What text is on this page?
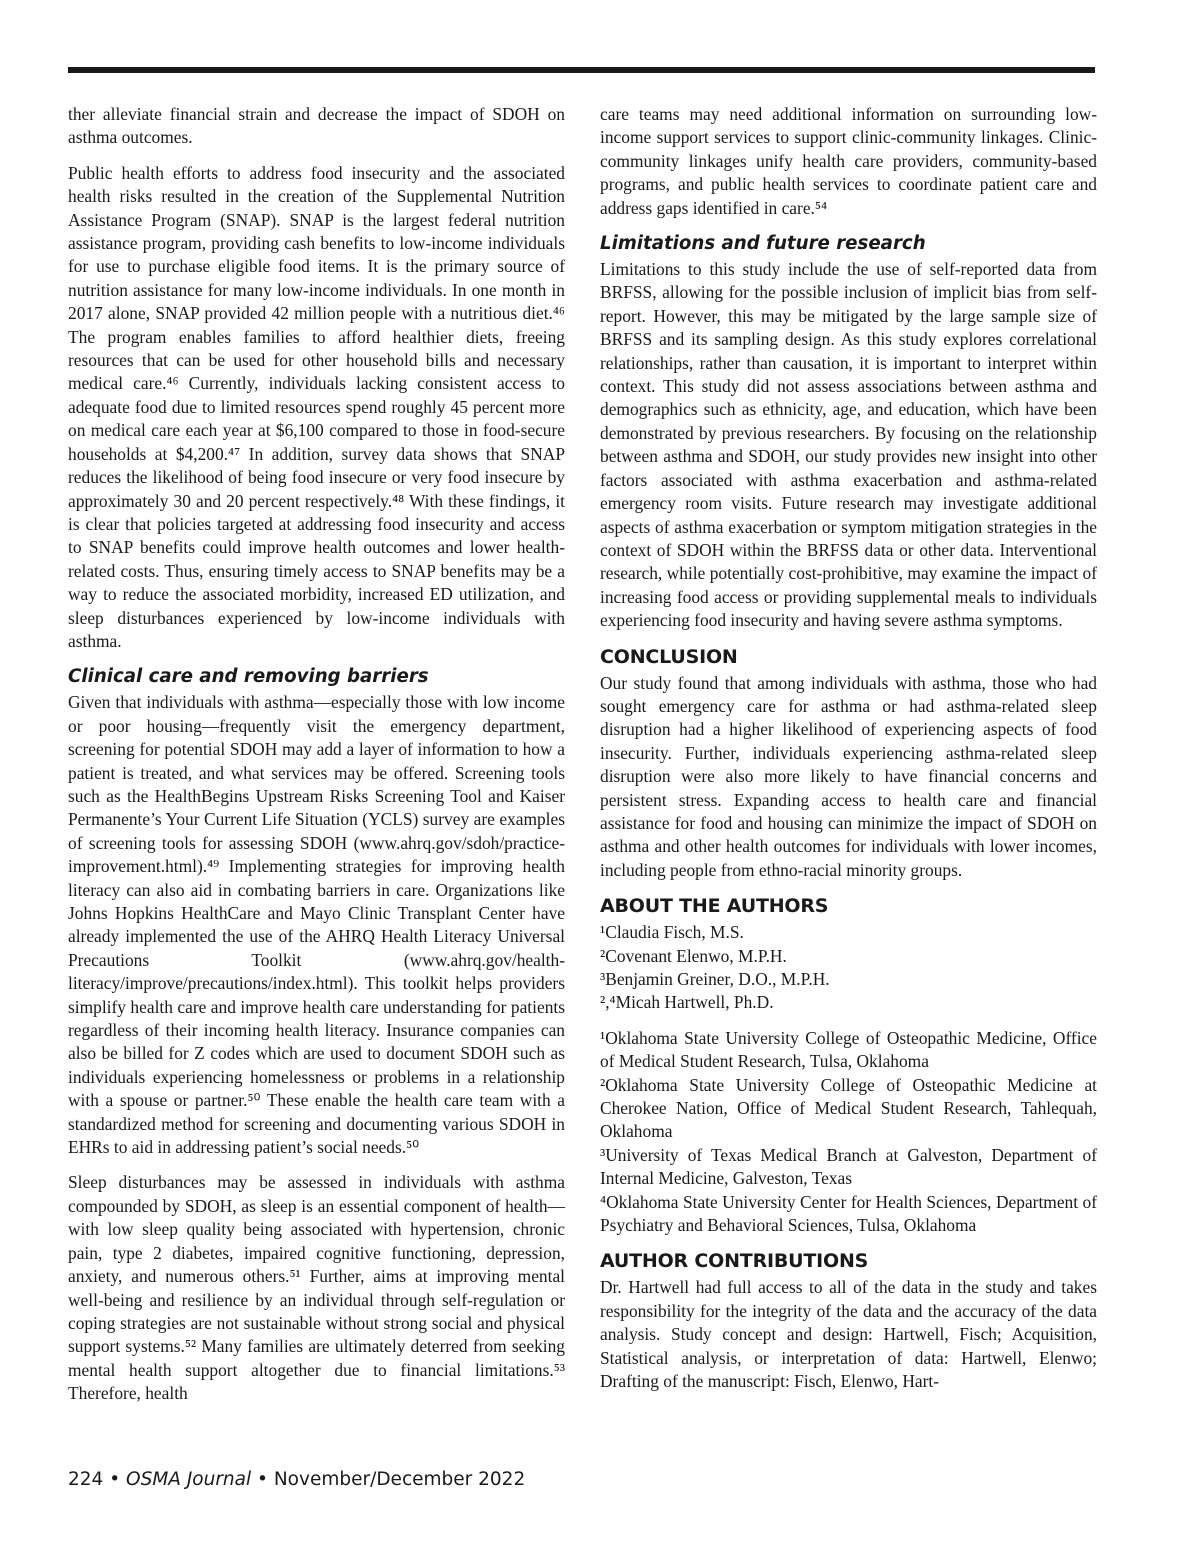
ther alleviate financial strain and decrease the impact of SDOH on asthma outcomes.

Public health efforts to address food insecurity and the associated health risks resulted in the creation of the Supplemental Nutrition Assistance Program (SNAP). SNAP is the largest federal nutrition assistance program, providing cash benefits to low-income individuals for use to purchase eligible food items. It is the primary source of nutrition assistance for many low-income individuals. In one month in 2017 alone, SNAP provided 42 million people with a nutritious diet.⁴⁶ The program enables families to afford healthier diets, freeing resources that can be used for other household bills and necessary medical care.⁴⁶ Currently, individuals lacking consistent access to adequate food due to limited resources spend roughly 45 percent more on medical care each year at $6,100 compared to those in food-secure households at $4,200.⁴⁷ In addition, survey data shows that SNAP reduces the likelihood of being food insecure or very food insecure by approximately 30 and 20 percent respectively.⁴⁸ With these findings, it is clear that policies targeted at addressing food insecurity and access to SNAP benefits could improve health outcomes and lower health-related costs. Thus, ensuring timely access to SNAP benefits may be a way to reduce the associated morbidity, increased ED utilization, and sleep disturbances experienced by low-income individuals with asthma.

Clinical care and removing barriers

Given that individuals with asthma—especially those with low income or poor housing—frequently visit the emergency department, screening for potential SDOH may add a layer of information to how a patient is treated, and what services may be offered. Screening tools such as the HealthBegins Upstream Risks Screening Tool and Kaiser Permanente’s Your Current Life Situation (YCLS) survey are examples of screening tools for assessing SDOH (www.ahrq.gov/sdoh/practice-improvement.html).⁴⁹ Implementing strategies for improving health literacy can also aid in combating barriers in care. Organizations like Johns Hopkins HealthCare and Mayo Clinic Transplant Center have already implemented the use of the AHRQ Health Literacy Universal Precautions Toolkit (www.ahrq.gov/health-literacy/improve/precautions/index.html). This toolkit helps providers simplify health care and improve health care understanding for patients regardless of their incoming health literacy. Insurance companies can also be billed for Z codes which are used to document SDOH such as individuals experiencing homelessness or problems in a relationship with a spouse or partner.⁵⁰ These enable the health care team with a standardized method for screening and documenting various SDOH in EHRs to aid in addressing patient’s social needs.⁵⁰

Sleep disturbances may be assessed in individuals with asthma compounded by SDOH, as sleep is an essential component of health—with low sleep quality being associated with hypertension, chronic pain, type 2 diabetes, impaired cognitive functioning, depression, anxiety, and numerous others.⁵¹ Further, aims at improving mental well-being and resilience by an individual through self-regulation or coping strategies are not sustainable without strong social and physical support systems.⁵² Many families are ultimately deterred from seeking mental health support altogether due to financial limitations.⁵³ Therefore, health

care teams may need additional information on surrounding low-income support services to support clinic-community linkages. Clinic-community linkages unify health care providers, community-based programs, and public health services to coordinate patient care and address gaps identified in care.⁵⁴

Limitations and future research

Limitations to this study include the use of self-reported data from BRFSS, allowing for the possible inclusion of implicit bias from self-report. However, this may be mitigated by the large sample size of BRFSS and its sampling design. As this study explores correlational relationships, rather than causation, it is important to interpret within context. This study did not assess associations between asthma and demographics such as ethnicity, age, and education, which have been demonstrated by previous researchers. By focusing on the relationship between asthma and SDOH, our study provides new insight into other factors associated with asthma exacerbation and asthma-related emergency room visits. Future research may investigate additional aspects of asthma exacerbation or symptom mitigation strategies in the context of SDOH within the BRFSS data or other data. Interventional research, while potentially cost-prohibitive, may examine the impact of increasing food access or providing supplemental meals to individuals experiencing food insecurity and having severe asthma symptoms.

CONCLUSION

Our study found that among individuals with asthma, those who had sought emergency care for asthma or had asthma-related sleep disruption had a higher likelihood of experiencing aspects of food insecurity. Further, individuals experiencing asthma-related sleep disruption were also more likely to have financial concerns and persistent stress. Expanding access to health care and financial assistance for food and housing can minimize the impact of SDOH on asthma and other health outcomes for individuals with lower incomes, including people from ethno-racial minority groups.

ABOUT THE AUTHORS
¹Claudia Fisch, M.S.
²Covenant Elenwo, M.P.H.
³Benjamin Greiner, D.O., M.P.H.
²,⁴Micah Hartwell, Ph.D.
¹Oklahoma State University College of Osteopathic Medicine, Office of Medical Student Research, Tulsa, Oklahoma
²Oklahoma State University College of Osteopathic Medicine at Cherokee Nation, Office of Medical Student Research, Tahlequah, Oklahoma
³University of Texas Medical Branch at Galveston, Department of Internal Medicine, Galveston, Texas
⁴Oklahoma State University Center for Health Sciences, Department of Psychiatry and Behavioral Sciences, Tulsa, Oklahoma
AUTHOR CONTRIBUTIONS

Dr. Hartwell had full access to all of the data in the study and takes responsibility for the integrity of the data and the accuracy of the data analysis. Study concept and design: Hartwell, Fisch; Acquisition, Statistical analysis, or interpretation of data: Hartwell, Elenwo; Drafting of the manuscript: Fisch, Elenwo, Hart-

224 • OSMA Journal • November/December 2022
